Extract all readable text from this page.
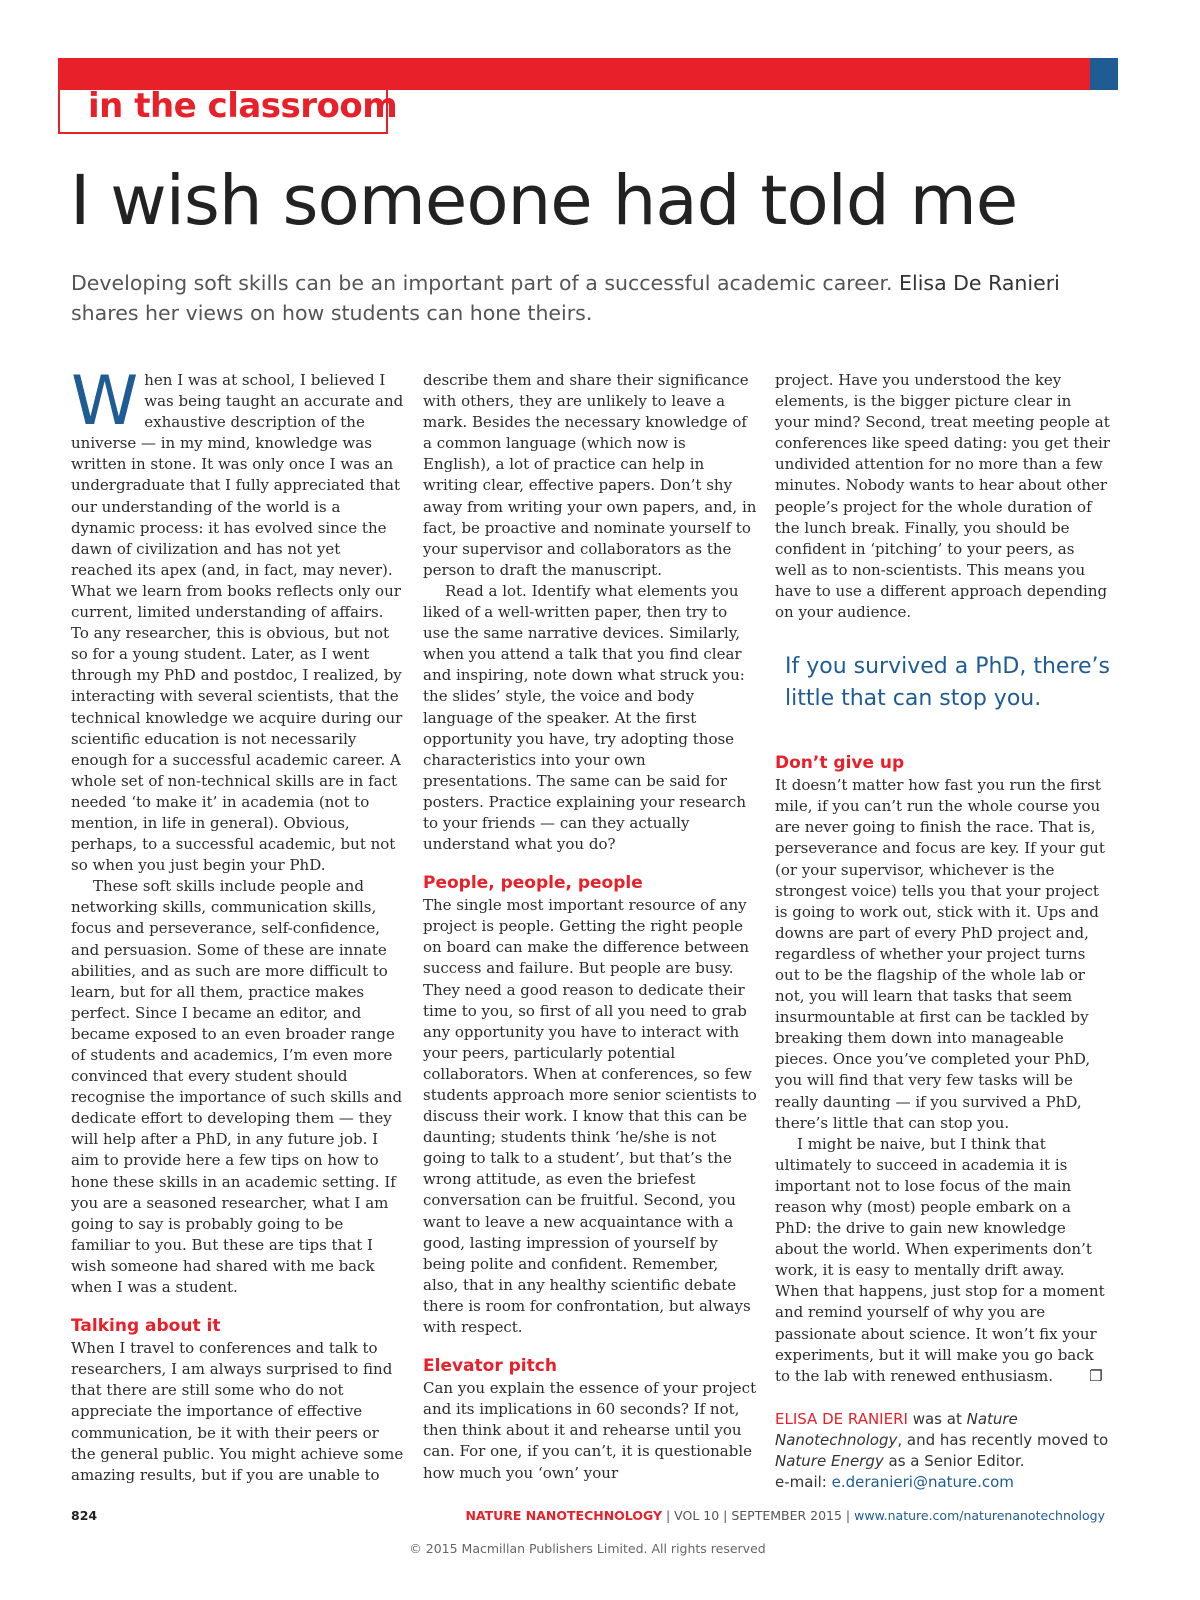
in the classroom
I wish someone had told me

Developing soft skills can be an important part of a successful academic career. Elisa De Ranieri shares her views on how students can hone theirs.

When I was at school, I believed I was being taught an accurate and exhaustive description of the universe — in my mind, knowledge was written in stone. It was only once I was an undergraduate that I fully appreciated that our understanding of the world is a dynamic process: it has evolved since the dawn of civilization and has not yet reached its apex (and, in fact, may never). What we learn from books reflects only our current, limited understanding of affairs. To any researcher, this is obvious, but not so for a young student. Later, as I went through my PhD and postdoc, I realized, by interacting with several scientists, that the technical knowledge we acquire during our scientific education is not necessarily enough for a successful academic career. A whole set of non-technical skills are in fact needed ‘to make it’ in academia (not to mention, in life in general). Obvious, perhaps, to a successful academic, but not so when you just begin your PhD.

These soft skills include people and networking skills, communication skills, focus and perseverance, self-confidence, and persuasion. Some of these are innate abilities, and as such are more difficult to learn, but for all them, practice makes perfect. Since I became an editor, and became exposed to an even broader range of students and academics, I’m even more convinced that every student should recognise the importance of such skills and dedicate effort to developing them — they will help after a PhD, in any future job. I aim to provide here a few tips on how to hone these skills in an academic setting. If you are a seasoned researcher, what I am going to say is probably going to be familiar to you. But these are tips that I wish someone had shared with me back when I was a student.

Talking about it

When I travel to conferences and talk to researchers, I am always surprised to find that there are still some who do not appreciate the importance of effective communication, be it with their peers or the general public. You might achieve some amazing results, but if you are unable to

describe them and share their significance with others, they are unlikely to leave a mark. Besides the necessary knowledge of a common language (which now is English), a lot of practice can help in writing clear, effective papers. Don’t shy away from writing your own papers, and, in fact, be proactive and nominate yourself to your supervisor and collaborators as the person to draft the manuscript.

Read a lot. Identify what elements you liked of a well-written paper, then try to use the same narrative devices. Similarly, when you attend a talk that you find clear and inspiring, note down what struck you: the slides’ style, the voice and body language of the speaker. At the first opportunity you have, try adopting those characteristics into your own presentations. The same can be said for posters. Practice explaining your research to your friends — can they actually understand what you do?

People, people, people

The single most important resource of any project is people. Getting the right people on board can make the difference between success and failure. But people are busy. They need a good reason to dedicate their time to you, so first of all you need to grab any opportunity you have to interact with your peers, particularly potential collaborators. When at conferences, so few students approach more senior scientists to discuss their work. I know that this can be daunting; students think ‘he/she is not going to talk to a student’, but that’s the wrong attitude, as even the briefest conversation can be fruitful. Second, you want to leave a new acquaintance with a good, lasting impression of yourself by being polite and confident. Remember, also, that in any healthy scientific debate there is room for confrontation, but always with respect.

Elevator pitch

Can you explain the essence of your project and its implications in 60 seconds? If not, then think about it and rehearse until you can. For one, if you can’t, it is questionable how much you ‘own’ your

project. Have you understood the key elements, is the bigger picture clear in your mind? Second, treat meeting people at conferences like speed dating: you get their undivided attention for no more than a few minutes. Nobody wants to hear about other people’s project for the whole duration of the lunch break. Finally, you should be confident in ‘pitching’ to your peers, as well as to non-scientists. This means you have to use a different approach depending on your audience.

If you survived a PhD, there’s little that can stop you.
Don’t give up

It doesn’t matter how fast you run the first mile, if you can’t run the whole course you are never going to finish the race. That is, perseverance and focus are key. If your gut (or your supervisor, whichever is the strongest voice) tells you that your project is going to work out, stick with it. Ups and downs are part of every PhD project and, regardless of whether your project turns out to be the flagship of the whole lab or not, you will learn that tasks that seem insurmountable at first can be tackled by breaking them down into manageable pieces. Once you’ve completed your PhD, you will find that very few tasks will be really daunting — if you survived a PhD, there’s little that can stop you.

I might be naive, but I think that ultimately to succeed in academia it is important not to lose focus of the main reason why (most) people embark on a PhD: the drive to gain new knowledge about the world. When experiments don’t work, it is easy to mentally drift away. When that happens, just stop for a moment and remind yourself of why you are passionate about science. It won’t fix your experiments, but it will make you go back to the lab with renewed enthusiasm. ❐

ELISA DE RANIERI was at Nature Nanotechnology, and has recently moved to Nature Energy as a Senior Editor.
e-mail: e.deranieri@nature.com

824	NATURE NANOTECHNOLOGY | VOL 10 | SEPTEMBER 2015 | www.nature.com/naturenanotechnology
© 2015 Macmillan Publishers Limited. All rights reserved
